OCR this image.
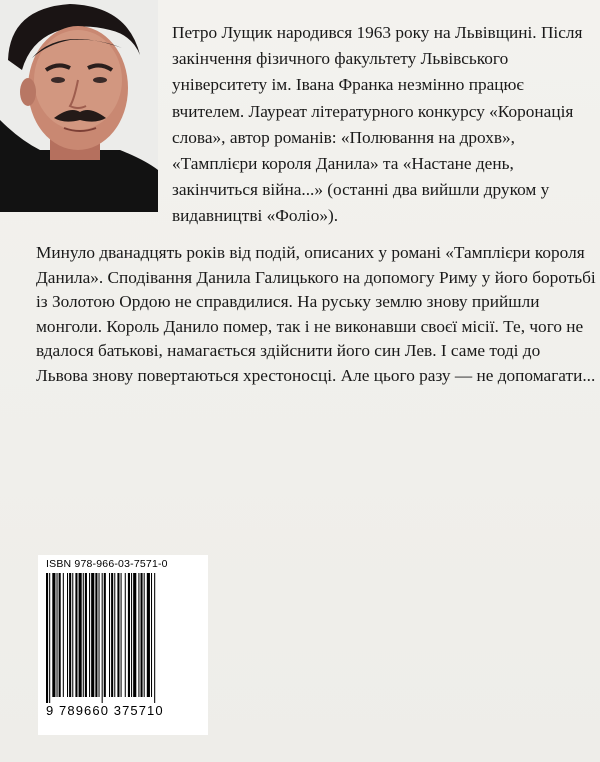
Петро Лущик народився 1963 року на Львівщині. Після закінчення фізичного факультету Львівського університету ім. Івана Франка незмінно працює вчителем. Лауреат літературного конкурсу «Коронація слова», автор романів: «Полювання на дрохв», «Тамплієри короля Данила» та «Настане день, закінчиться війна...» (останні два вийшли друком у видавництві «Фоліо»).

Минуло дванадцять років від подій, описаних у романі «Тамплієри короля Данила». Сподівання Данила Галицького на допомогу Риму у його боротьбі із Золотою Ордою не справдилися. На руську землю знову прийшли монголи. Король Данило помер, так і не виконавши своєї місії. Те, чого не вдалося батькові, намагається здійснити його син Лев. І саме тоді до Львова знову повертаються хрестоносці. Але цього разу — не допомагати...

ISBN 978-966-03-7571-0
9 789660 375710
